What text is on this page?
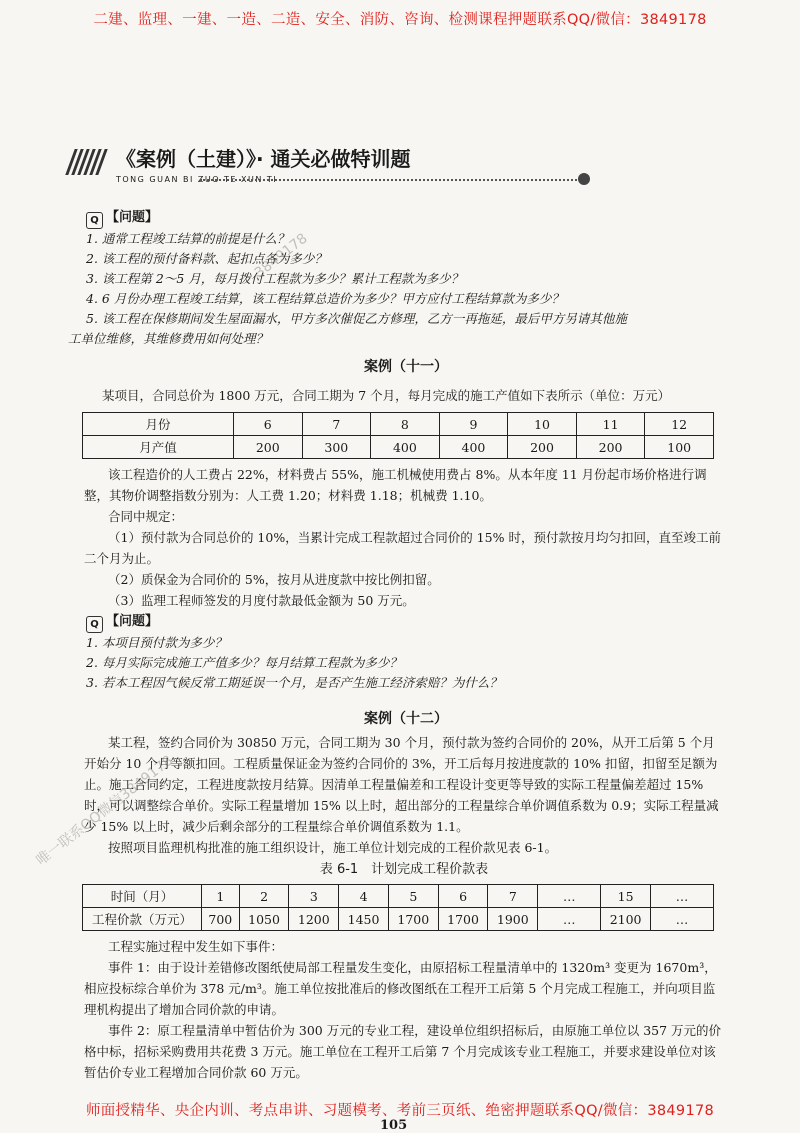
二建、监理、一建、一造、二造、安全、消防、咨询、检测课程押题联系QQ/微信：3849178
《案例（土建）》· 通关必做特训题
TONG GUAN BI ZUO TE XUN TI
Q 【问题】
1. 通常工程竣工结算的前提是什么？
2. 该工程的预付备料款、起扣点各为多少？
3. 该工程第 2～5 月，每月拨付工程款为多少？累计工程款为多少？
4. 6 月份办理工程竣工结算，该工程结算总造价为多少？甲方应付工程结算款为多少？
5. 该工程在保修期间发生屋面漏水，甲方多次催促乙方修理，乙方一再拖延，最后甲方另请其他施
工单位维修，其维修费用如何处理？
案例（十一）
某项目，合同总价为 1800 万元，合同工期为 7 个月，每月完成的施工产值如下表所示（单位：万元）
月份	6	7	8	9	10	11	12
月产值	200	300	400	400	200	200	100
该工程造价的人工费占 22%，材料费占 55%，施工机械使用费占 8%。从本年度 11 月份起市场价格进行调整，其物价调整指数分别为：人工费 1.20；材料费 1.18；机械费 1.10。
合同中规定：
（1）预付款为合同总价的 10%，当累计完成工程款超过合同价的 15% 时，预付款按月均匀扣回，直至竣工前二个月为止。
（2）质保金为合同价的 5%，按月从进度款中按比例扣留。
（3）监理工程师签发的月度付款最低金额为 50 万元。
Q 【问题】
1. 本项目预付款为多少？
2. 每月实际完成施工产值多少？每月结算工程款为多少？
3. 若本工程因气候反常工期延误一个月，是否产生施工经济索赔？为什么？
案例（十二）
某工程，签约合同价为 30850 万元，合同工期为 30 个月，预付款为签约合同价的 20%，从开工后第 5 个月开始分 10 个月等额扣回。工程质量保证金为签约合同价的 3%，开工后每月按进度款的 10% 扣留，扣留至足额为止。施工合同约定，工程进度款按月结算。因清单工程量偏差和工程设计变更等导致的实际工程量偏差超过 15% 时，可以调整综合单价。实际工程量增加 15% 以上时，超出部分的工程量综合单价调值系数为 0.9；实际工程量减少 15% 以上时，减少后剩余部分的工程量综合单价调值系数为 1.1。
按照项目监理机构批准的施工组织设计，施工单位计划完成的工程价款见表 6-1。
表 6-1　计划完成工程价款表
时间（月）	1	2	3	4	5	6	7	…	15	…
工程价款（万元）	700	1050	1200	1450	1700	1700	1900	…	2100	…
工程实施过程中发生如下事件：
事件 1：由于设计差错修改图纸使局部工程量发生变化，由原招标工程量清单中的 1320m³ 变更为 1670m³，相应投标综合单价为 378 元/m³。施工单位按批准后的修改图纸在工程开工后第 5 个月完成工程施工，并向项目监理机构提出了增加合同价款的申请。
事件 2：原工程量清单中暂估价为 300 万元的专业工程，建设单位组织招标后，由原施工单位以 357 万元的价格中标，招标采购费用共花费 3 万元。施工单位在工程开工后第 7 个月完成该专业工程施工，并要求建设单位对该暂估价专业工程增加合同价款 60 万元。
105
3849178
唯一联系QQ微信3849178
师面授精华、央企内训、考点串讲、习题模考、考前三页纸、绝密押题联系QQ/微信：3849178
